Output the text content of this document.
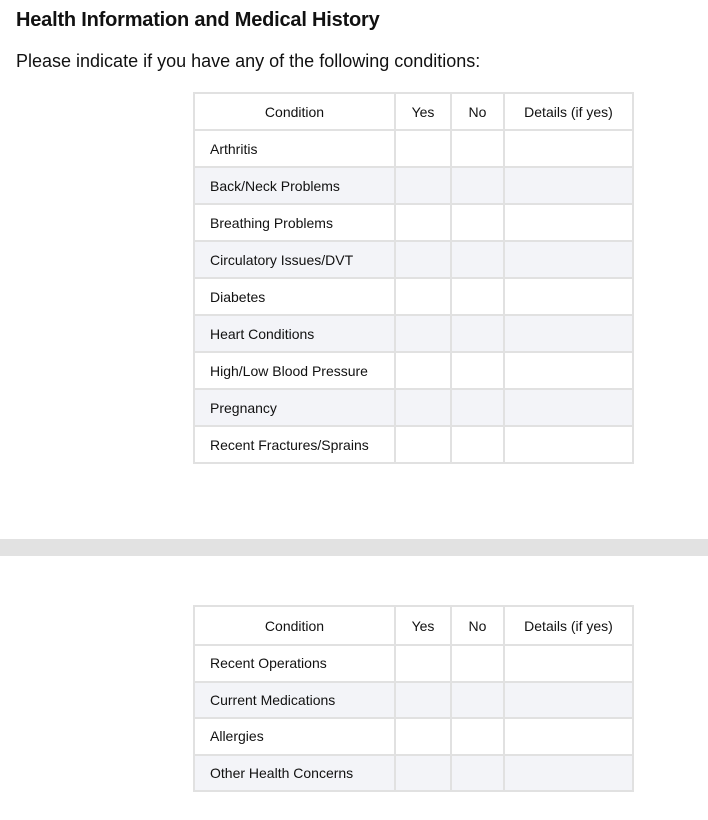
Health Information and Medical History

Please indicate if you have any of the following conditions:

Condition	Yes	No	Details (if yes)
Arthritis			
Back/Neck Problems			
Breathing Problems			
Circulatory Issues/DVT			
Diabetes			
Heart Conditions			
High/Low Blood Pressure			
Pregnancy			
Recent Fractures/Sprains			
Condition	Yes	No	Details (if yes)
Recent Operations			
Current Medications			
Allergies			
Other Health Concerns			
